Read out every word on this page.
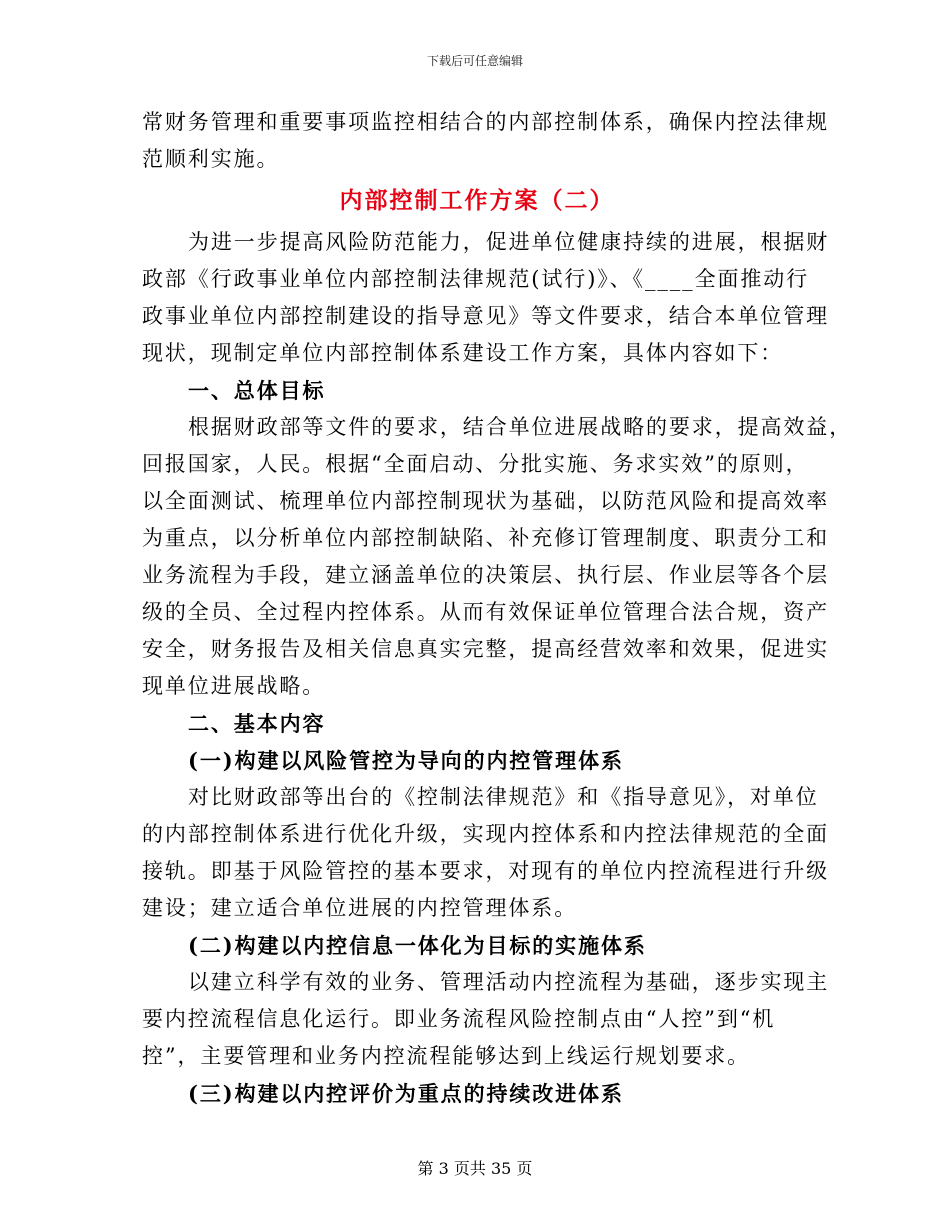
下载后可任意编辑
常财务管理和重要事项监控相结合的内部控制体系，确保内控法律规
范顺利实施。
内部控制工作方案（二）
为进一步提高风险防范能力，促进单位健康持续的进展，根据财
政部《行政事业单位内部控制法律规范(试行)》、《____全面推动行
政事业单位内部控制建设的指导意见》等文件要求，结合本单位管理
现状，现制定单位内部控制体系建设工作方案，具体内容如下：
一、总体目标
根据财政部等文件的要求，结合单位进展战略的要求，提高效益，
回报国家，人民。根据“全面启动、分批实施、务求实效”的原则，
以全面测试、梳理单位内部控制现状为基础，以防范风险和提高效率
为重点，以分析单位内部控制缺陷、补充修订管理制度、职责分工和
业务流程为手段，建立涵盖单位的决策层、执行层、作业层等各个层
级的全员、全过程内控体系。从而有效保证单位管理合法合规，资产
安全，财务报告及相关信息真实完整，提高经营效率和效果，促进实
现单位进展战略。
二、基本内容
(一)构建以风险管控为导向的内控管理体系
对比财政部等出台的《控制法律规范》和《指导意见》，对单位
的内部控制体系进行优化升级，实现内控体系和内控法律规范的全面
接轨。即基于风险管控的基本要求，对现有的单位内控流程进行升级
建设；建立适合单位进展的内控管理体系。
(二)构建以内控信息一体化为目标的实施体系
以建立科学有效的业务、管理活动内控流程为基础，逐步实现主
要内控流程信息化运行。即业务流程风险控制点由“人控”到“机
控”，主要管理和业务内控流程能够达到上线运行规划要求。
(三)构建以内控评价为重点的持续改进体系
第 3 页共 35 页
